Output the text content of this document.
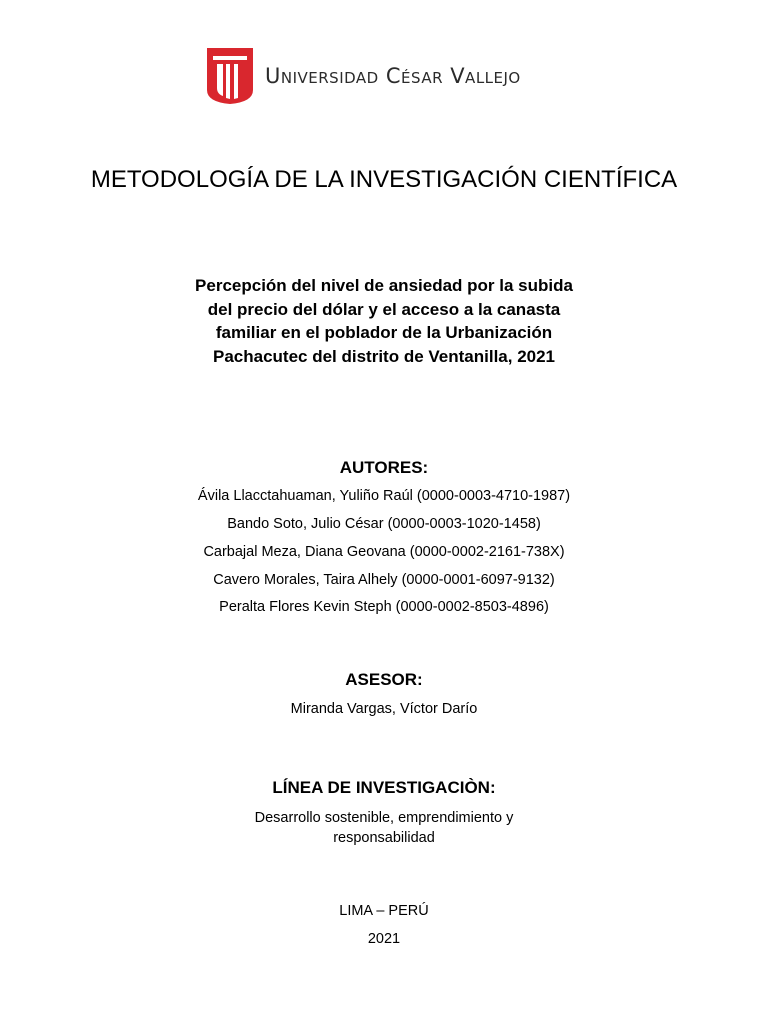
Universidad César Vallejo
METODOLOGÍA DE LA INVESTIGACIÓN CIENTÍFICA
Percepción del nivel de ansiedad por la subida del precio del dólar y el acceso a la canasta familiar en el poblador de la Urbanización Pachacutec del distrito de Ventanilla, 2021
AUTORES:
Ávila Llacctahuaman, Yuliño Raúl (0000-0003-4710-1987)
Bando Soto, Julio César (0000-0003-1020-1458)
Carbajal Meza, Diana Geovana (0000-0002-2161-738X)
Cavero Morales, Taira Alhely (0000-0001-6097-9132)
Peralta Flores Kevin Steph (0000-0002-8503-4896)
ASESOR:
Miranda Vargas, Víctor Darío
LÍNEA DE INVESTIGACIÒN:
Desarrollo sostenible, emprendimiento y responsabilidad
LIMA – PERÚ
2021
